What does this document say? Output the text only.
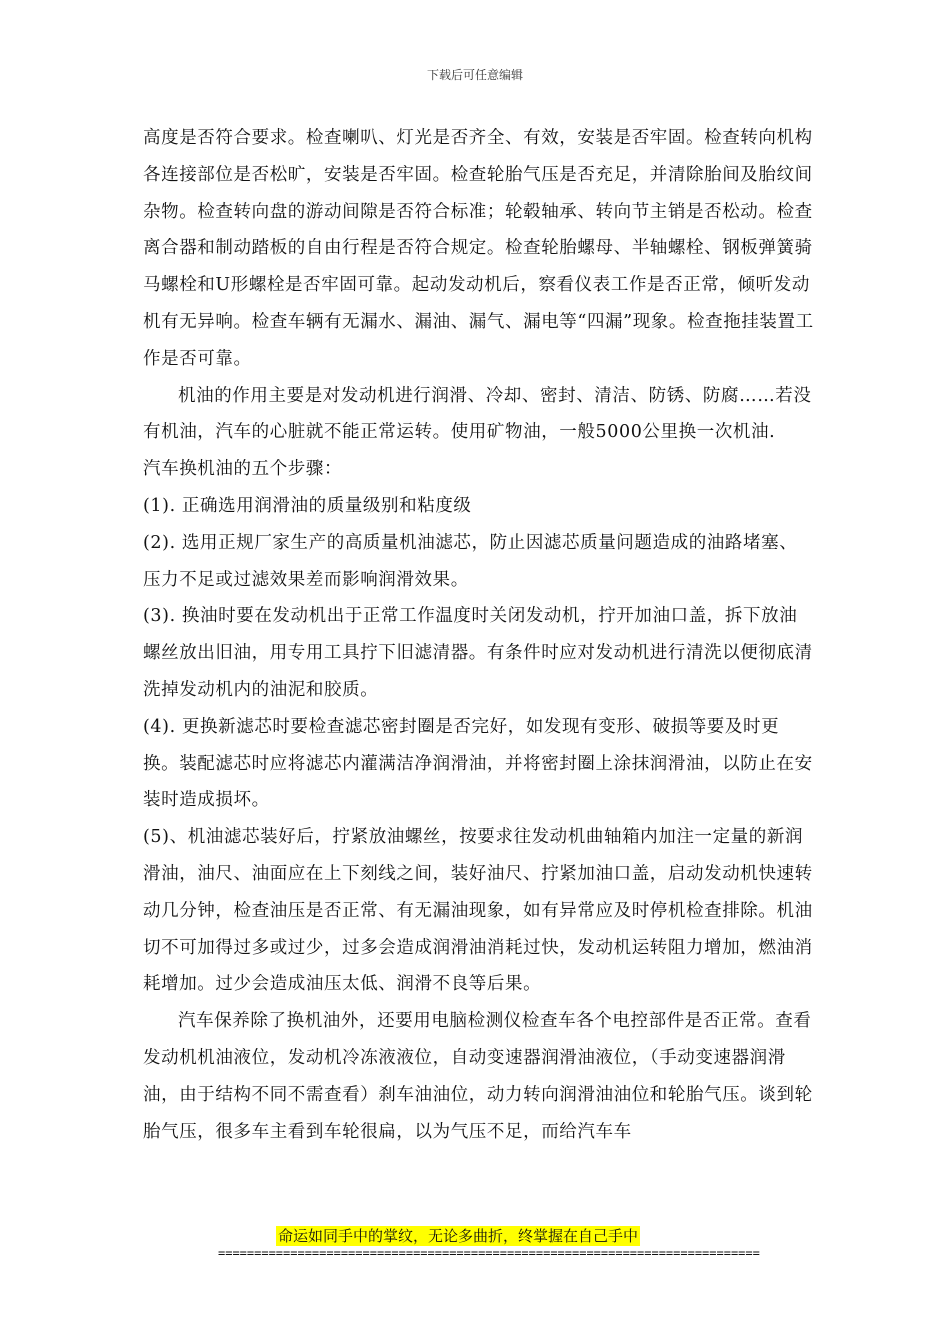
下载后可任意编辑

高度是否符合要求。检查喇叭、灯光是否齐全、有效，安装是否牢固。检查转向机构各连接部位是否松旷，安装是否牢固。检查轮胎气压是否充足，并清除胎间及胎纹间杂物。检查转向盘的游动间隙是否符合标准；轮毂轴承、转向节主销是否松动。检查离合器和制动踏板的自由行程是否符合规定。检查轮胎螺母、半轴螺栓、钢板弹簧骑马螺栓和U形螺栓是否牢固可靠。起动发动机后，察看仪表工作是否正常，倾听发动机有无异响。检查车辆有无漏水、漏油、漏气、漏电等“四漏”现象。检查拖挂装置工作是否可靠。

机油的作用主要是对发动机进行润滑、冷却、密封、清洁、防锈、防腐……若没有机油，汽车的心脏就不能正常运转。使用矿物油，一般5000公里换一次机油.

汽车换机油的五个步骤：

(1). 正确选用润滑油的质量级别和粘度级

(2). 选用正规厂家生产的高质量机油滤芯，防止因滤芯质量问题造成的油路堵塞、压力不足或过滤效果差而影响润滑效果。

(3). 换油时要在发动机出于正常工作温度时关闭发动机，拧开加油口盖，拆下放油螺丝放出旧油，用专用工具拧下旧滤清器。有条件时应对发动机进行清洗以便彻底清洗掉发动机内的油泥和胶质。

(4). 更换新滤芯时要检查滤芯密封圈是否完好，如发现有变形、破损等要及时更换。装配滤芯时应将滤芯内灌满洁净润滑油，并将密封圈上涂抹润滑油，以防止在安装时造成损坏。

(5)、机油滤芯装好后，拧紧放油螺丝，按要求往发动机曲轴箱内加注一定量的新润滑油，油尺、油面应在上下刻线之间，装好油尺、拧紧加油口盖，启动发动机快速转动几分钟，检查油压是否正常、有无漏油现象，如有异常应及时停机检查排除。机油切不可加得过多或过少，过多会造成润滑油消耗过快，发动机运转阻力增加，燃油消耗增加。过少会造成油压太低、润滑不良等后果。

汽车保养除了换机油外，还要用电脑检测仪检查车各个电控部件是否正常。查看发动机机油液位，发动机冷冻液液位，自动变速器润滑油液位，（手动变速器润滑油，由于结构不同不需查看）刹车油油位，动力转向润滑油油位和轮胎气压。谈到轮胎气压，很多车主看到车轮很扁，以为气压不足，而给汽车车

命运如同手中的掌纹，无论多曲折，终掌握在自己手中
===========================================================================
